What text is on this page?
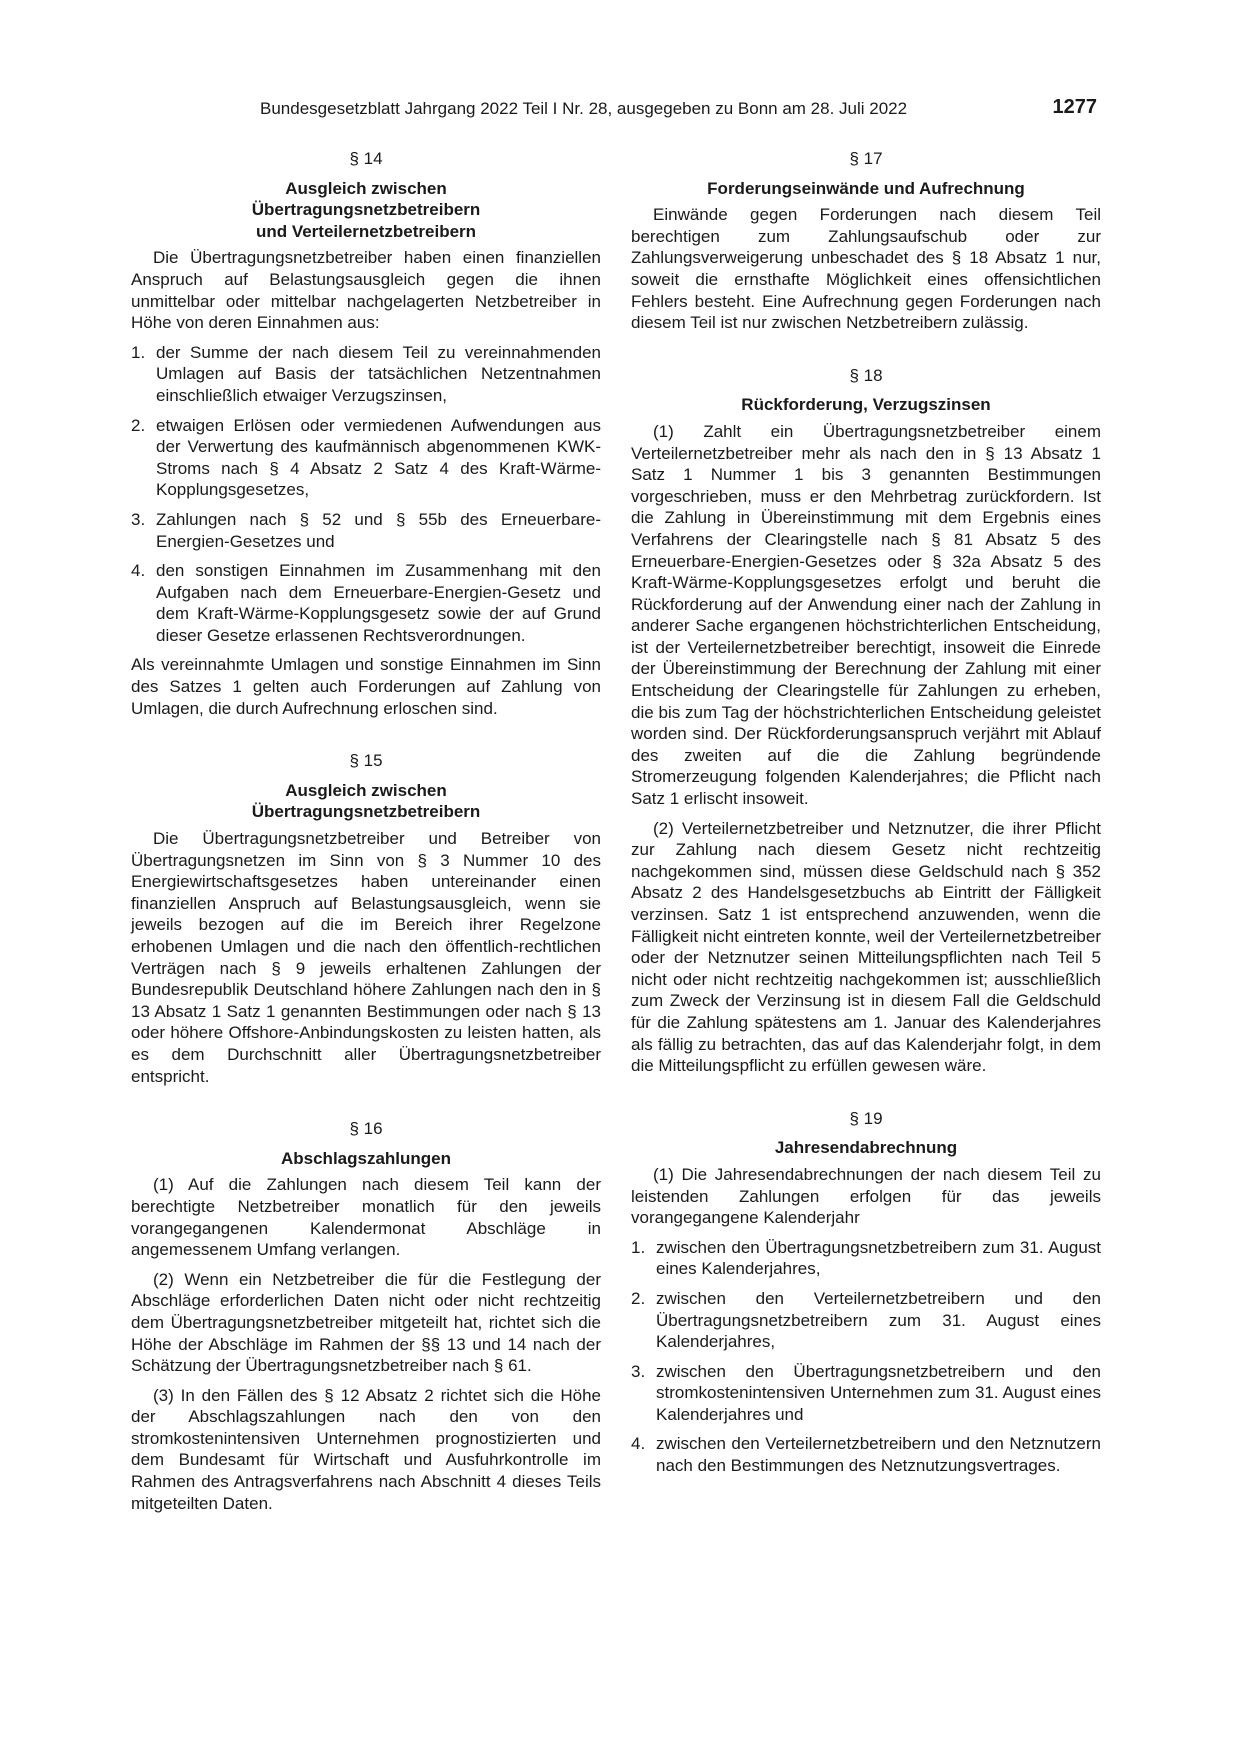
Bundesgesetzblatt Jahrgang 2022 Teil I Nr. 28, ausgegeben zu Bonn am 28. Juli 2022	1277

§ 14

Ausgleich zwischen
Übertragungsnetzbetreibern
und Verteilernetzbetreibern

Die Übertragungsnetzbetreiber haben einen finanziellen Anspruch auf Belastungsausgleich gegen die ihnen unmittelbar oder mittelbar nachgelagerten Netzbetreiber in Höhe von deren Einnahmen aus:

1. der Summe der nach diesem Teil zu vereinnahmenden Umlagen auf Basis der tatsächlichen Netzentnahmen einschließlich etwaiger Verzugszinsen,
2. etwaigen Erlösen oder vermiedenen Aufwendungen aus der Verwertung des kaufmännisch abgenommenen KWK-Stroms nach § 4 Absatz 2 Satz 4 des Kraft-Wärme-Kopplungsgesetzes,
3. Zahlungen nach § 52 und § 55b des Erneuerbare-Energien-Gesetzes und
4. den sonstigen Einnahmen im Zusammenhang mit den Aufgaben nach dem Erneuerbare-Energien-Gesetz und dem Kraft-Wärme-Kopplungsgesetz sowie der auf Grund dieser Gesetze erlassenen Rechtsverordnungen.

Als vereinnahmte Umlagen und sonstige Einnahmen im Sinn des Satzes 1 gelten auch Forderungen auf Zahlung von Umlagen, die durch Aufrechnung erloschen sind.

§ 15

Ausgleich zwischen
Übertragungsnetzbetreibern

Die Übertragungsnetzbetreiber und Betreiber von Übertragungsnetzen im Sinn von § 3 Nummer 10 des Energiewirtschaftsgesetzes haben untereinander einen finanziellen Anspruch auf Belastungsausgleich, wenn sie jeweils bezogen auf die im Bereich ihrer Regelzone erhobenen Umlagen und die nach den öffentlich-rechtlichen Verträgen nach § 9 jeweils erhaltenen Zahlungen der Bundesrepublik Deutschland höhere Zahlungen nach den in § 13 Absatz 1 Satz 1 genannten Bestimmungen oder nach § 13 oder höhere Offshore-Anbindungskosten zu leisten hatten, als es dem Durchschnitt aller Übertragungsnetzbetreiber entspricht.

§ 16

Abschlagszahlungen

(1) Auf die Zahlungen nach diesem Teil kann der berechtigte Netzbetreiber monatlich für den jeweils vorangegangenen Kalendermonat Abschläge in angemessenem Umfang verlangen.

(2) Wenn ein Netzbetreiber die für die Festlegung der Abschläge erforderlichen Daten nicht oder nicht rechtzeitig dem Übertragungsnetzbetreiber mitgeteilt hat, richtet sich die Höhe der Abschläge im Rahmen der §§ 13 und 14 nach der Schätzung der Übertragungsnetzbetreiber nach § 61.

(3) In den Fällen des § 12 Absatz 2 richtet sich die Höhe der Abschlagszahlungen nach den von den stromkostenintensiven Unternehmen prognostizierten und dem Bundesamt für Wirtschaft und Ausfuhrkontrolle im Rahmen des Antragsverfahrens nach Abschnitt 4 dieses Teils mitgeteilten Daten.

§ 17

Forderungseinwände und Aufrechnung

Einwände gegen Forderungen nach diesem Teil berechtigen zum Zahlungsaufschub oder zur Zahlungsverweigerung unbeschadet des § 18 Absatz 1 nur, soweit die ernsthafte Möglichkeit eines offensichtlichen Fehlers besteht. Eine Aufrechnung gegen Forderungen nach diesem Teil ist nur zwischen Netzbetreibern zulässig.

§ 18

Rückforderung, Verzugszinsen

(1) Zahlt ein Übertragungsnetzbetreiber einem Verteilernetzbetreiber mehr als nach den in § 13 Absatz 1 Satz 1 Nummer 1 bis 3 genannten Bestimmungen vorgeschrieben, muss er den Mehrbetrag zurückfordern. Ist die Zahlung in Übereinstimmung mit dem Ergebnis eines Verfahrens der Clearingstelle nach § 81 Absatz 5 des Erneuerbare-Energien-Gesetzes oder § 32a Absatz 5 des Kraft-Wärme-Kopplungsgesetzes erfolgt und beruht die Rückforderung auf der Anwendung einer nach der Zahlung in anderer Sache ergangenen höchstrichterlichen Entscheidung, ist der Verteilernetzbetreiber berechtigt, insoweit die Einrede der Übereinstimmung der Berechnung der Zahlung mit einer Entscheidung der Clearingstelle für Zahlungen zu erheben, die bis zum Tag der höchstrichterlichen Entscheidung geleistet worden sind. Der Rückforderungsanspruch verjährt mit Ablauf des zweiten auf die die Zahlung begründende Stromerzeugung folgenden Kalenderjahres; die Pflicht nach Satz 1 erlischt insoweit.

(2) Verteilernetzbetreiber und Netznutzer, die ihrer Pflicht zur Zahlung nach diesem Gesetz nicht rechtzeitig nachgekommen sind, müssen diese Geldschuld nach § 352 Absatz 2 des Handelsgesetzbuchs ab Eintritt der Fälligkeit verzinsen. Satz 1 ist entsprechend anzuwenden, wenn die Fälligkeit nicht eintreten konnte, weil der Verteilernetzbetreiber oder der Netznutzer seinen Mitteilungspflichten nach Teil 5 nicht oder nicht rechtzeitig nachgekommen ist; ausschließlich zum Zweck der Verzinsung ist in diesem Fall die Geldschuld für die Zahlung spätestens am 1. Januar des Kalenderjahres als fällig zu betrachten, das auf das Kalenderjahr folgt, in dem die Mitteilungspflicht zu erfüllen gewesen wäre.

§ 19

Jahresendabrechnung

(1) Die Jahresendabrechnungen der nach diesem Teil zu leistenden Zahlungen erfolgen für das jeweils vorangegangene Kalenderjahr

1. zwischen den Übertragungsnetzbetreibern zum 31. August eines Kalenderjahres,
2. zwischen den Verteilernetzbetreibern und den Übertragungsnetzbetreibern zum 31. August eines Kalenderjahres,
3. zwischen den Übertragungsnetzbetreibern und den stromkostenintensiven Unternehmen zum 31. August eines Kalenderjahres und
4. zwischen den Verteilernetzbetreibern und den Netznutzern nach den Bestimmungen des Netznutzungsvertrages.
